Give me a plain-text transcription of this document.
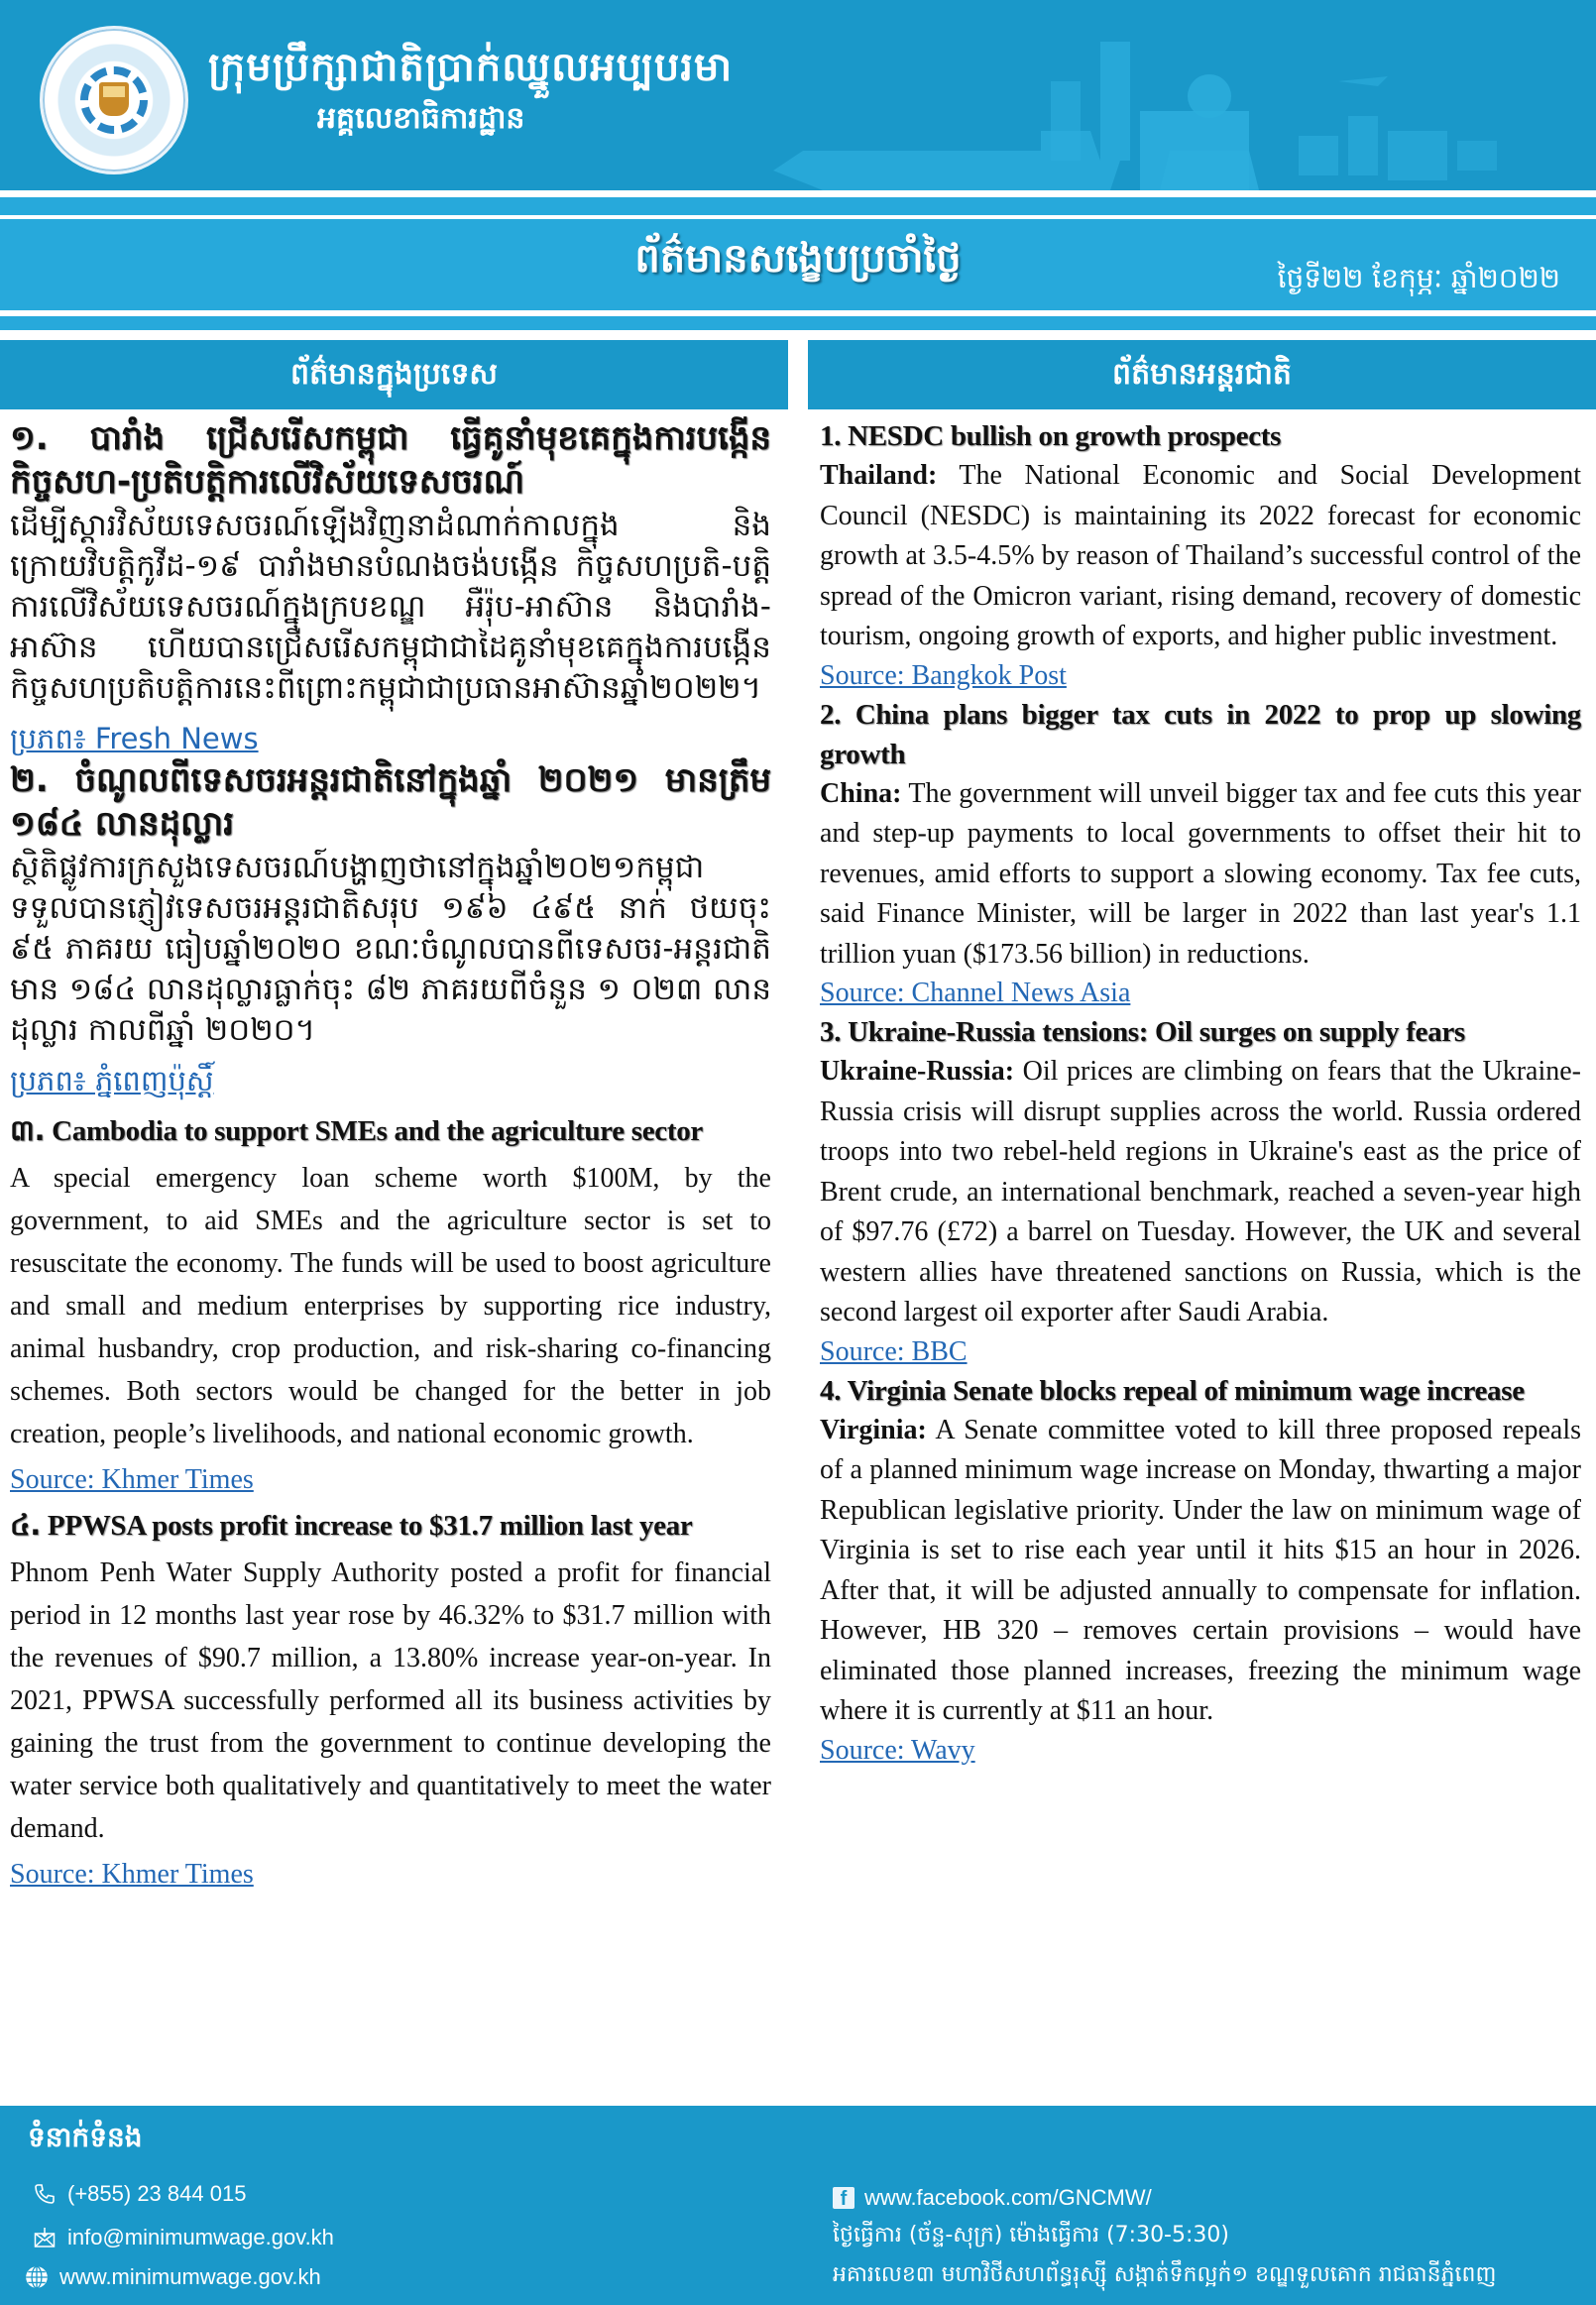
ក្រុមប្រឹក្សាជាតិប្រាក់ឈ្នួលអប្បបរមា
អគ្គលេខាធិការដ្ឋាន
ព័ត៌មានសង្ខេបប្រចាំថ្ងៃ	ថ្ងៃទី២២ ខែកុម្ភៈ ឆ្នាំ២០២២
ព័ត៌មានក្នុងប្រទេស	ព័ត៌មានអន្តរជាតិ
១. បារាំង ជ្រើសរើសកម្ពុជា ធ្វើគូនាំមុខគេក្នុងការបង្កើនកិច្ចសហ-ប្រតិបត្តិការលើវិស័យទេសចរណ៍
ដើម្បីស្តារវិស័យទេសចរណ៍ឡើងវិញនាដំណាក់កាលក្នុង និងក្រោយវិបត្តិកូវីដ-១៩ បារាំងមានបំណងចង់បង្កើន កិច្ចសហប្រតិ-បត្តិការលើវិស័យទេសចរណ៍ក្នុងក្របខណ្ឌ អឺរ៉ុប-អាស៊ាន និងបារាំង-អាស៊ាន ហើយបានជ្រើសរើសកម្ពុជាជាដៃគូនាំមុខគេក្នុងការបង្កើនកិច្ចសហប្រតិបត្តិការនេះពីព្រោះកម្ពុជាជាប្រធានអាស៊ានឆ្នាំ២០២២។
ប្រភព៖ Fresh News
២. ចំណូលពីទេសចរអន្តរជាតិនៅក្នុងឆ្នាំ ២០២១ មានត្រឹម ១៨៤ លានដុល្លារ
ស្ថិតិផ្លូវការក្រសួងទេសចរណ៍បង្ហាញថានៅក្នុងឆ្នាំ២០២១កម្ពុជាទទួលបានភ្ញៀវទេសចរអន្តរជាតិសរុប ១៩៦ ៤៩៥ នាក់ ថយចុះ ៩៥ ភាគរយ ធៀបឆ្នាំ២០២០ ខណៈចំណូលបានពីទេសចរ-អន្តរជាតិមាន ១៨៤ លានដុល្លារធ្លាក់ចុះ ៨២ ភាគរយពីចំនួន ១ ០២៣ លានដុល្លារ កាលពីឆ្នាំ ២០២០។
ប្រភព៖ ភ្នំពេញប៉ុស្តិ៍
៣. Cambodia to support SMEs and the agriculture sector
A special emergency loan scheme worth $100M, by the government, to aid SMEs and the agriculture sector is set to resuscitate the economy. The funds will be used to boost agriculture and small and medium enterprises by supporting rice industry, animal husbandry, crop production, and risk-sharing co-financing schemes. Both sectors would be changed for the better in job creation, people’s livelihoods, and national economic growth.
Source: Khmer Times
៤. PPWSA posts profit increase to $31.7 million last year
Phnom Penh Water Supply Authority posted a profit for financial period in 12 months last year rose by 46.32% to $31.7 million with the revenues of $90.7 million, a 13.80% increase year-on-year. In 2021, PPWSA successfully performed all its business activities by gaining the trust from the government to continue developing the water service both qualitatively and quantitatively to meet the water demand.
Source: Khmer Times
1. NESDC bullish on growth prospects
Thailand: The National Economic and Social Development Council (NESDC) is maintaining its 2022 forecast for economic growth at 3.5-4.5% by reason of Thailand’s successful control of the spread of the Omicron variant, rising demand, recovery of domestic tourism, ongoing growth of exports, and higher public investment.
Source: Bangkok Post
2. China plans bigger tax cuts in 2022 to prop up slowing growth
China: The government will unveil bigger tax and fee cuts this year and step-up payments to local governments to offset their hit to revenues, amid efforts to support a slowing economy. Tax fee cuts, said Finance Minister, will be larger in 2022 than last year's 1.1 trillion yuan ($173.56 billion) in reductions.
Source: Channel News Asia
3. Ukraine-Russia tensions: Oil surges on supply fears
Ukraine-Russia: Oil prices are climbing on fears that the Ukraine-Russia crisis will disrupt supplies across the world. Russia ordered troops into two rebel-held regions in Ukraine's east as the price of Brent crude, an international benchmark, reached a seven-year high of $97.76 (£72) a barrel on Tuesday. However, the UK and several western allies have threatened sanctions on Russia, which is the second largest oil exporter after Saudi Arabia.
Source: BBC
4. Virginia Senate blocks repeal of minimum wage increase
Virginia: A Senate committee voted to kill three proposed repeals of a planned minimum wage increase on Monday, thwarting a major Republican legislative priority. Under the law on minimum wage of Virginia is set to rise each year until it hits $15 an hour in 2026. After that, it will be adjusted annually to compensate for inflation. However, HB 320 – removes certain provisions – would have eliminated those planned increases, freezing the minimum wage where it is currently at $11 an hour.
Source: Wavy
ទំនាក់ទំនង
(+855) 23 844 015
info@minimumwage.gov.kh
www.minimumwage.gov.kh
f www.facebook.com/GNCMW/
ថ្ងៃធ្វើការ (ច័ន្ទ-សុក្រ) ម៉ោងធ្វើការ (7:30-5:30)
អគារលេខ៣ មហាវិថីសហព័ន្ធរុស្ស៊ី សង្កាត់ទឹកល្អក់១ ខណ្ឌទួលគោក រាជធានីភ្នំពេញ
